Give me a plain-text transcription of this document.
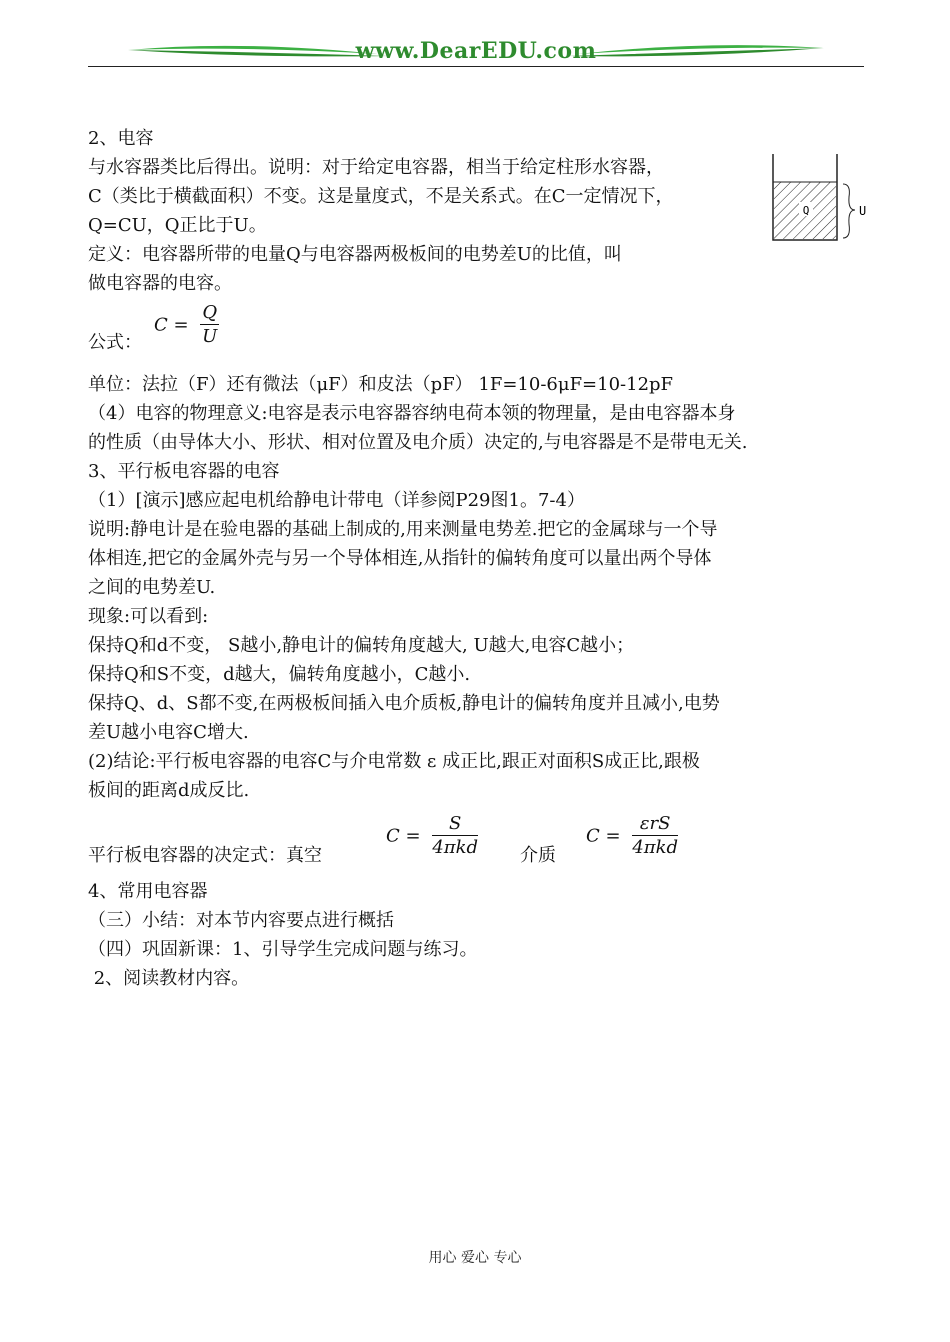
www.DearEDU.com
Q	U
2、电容
与水容器类比后得出。说明：对于给定电容器，相当于给定柱形水容器，
C（类比于横截面积）不变。这是量度式，不是关系式。在C一定情况下，
Q=CU，Q正比于U。
定义：电容器所带的电量Q与电容器两极板间的电势差U的比值，叫
做电容器的电容。
公式：
$C = \frac{Q}{U}$
单位：法拉（F）还有微法（μF）和皮法（pF） 1F=10-6μF=10-12pF
（4）电容的物理意义:电容是表示电容器容纳电荷本领的物理量，是由电容器本身
的性质（由导体大小、形状、相对位置及电介质）决定的,与电容器是不是带电无关.
3、平行板电容器的电容
（1）[演示]感应起电机给静电计带电（详参阅P29图1。7-4）
说明:静电计是在验电器的基础上制成的,用来测量电势差.把它的金属球与一个导
体相连,把它的金属外壳与另一个导体相连,从指针的偏转角度可以量出两个导体
之间的电势差U.
现象:可以看到:
保持Q和d不变， S越小,静电计的偏转角度越大, U越大,电容C越小；
保持Q和S不变，d越大，偏转角度越小，C越小.
保持Q、d、S都不变,在两极板间插入电介质板,静电计的偏转角度并且减小,电势
差U越小电容C增大.
(2)结论:平行板电容器的电容C与介电常数 ε 成正比,跟正对面积S成正比,跟极
板间的距离d成反比.
平行板电容器的决定式：真空
$C = \frac{S}{\text{4πkd}}$ 介质
$C = \frac{\text{εrS}}{\text{4πkd}}$
4、常用电容器
（三）小结：对本节内容要点进行概括
（四）巩固新课：1、引导学生完成问题与练习。
2、阅读教材内容。
用心 爱心 专心
